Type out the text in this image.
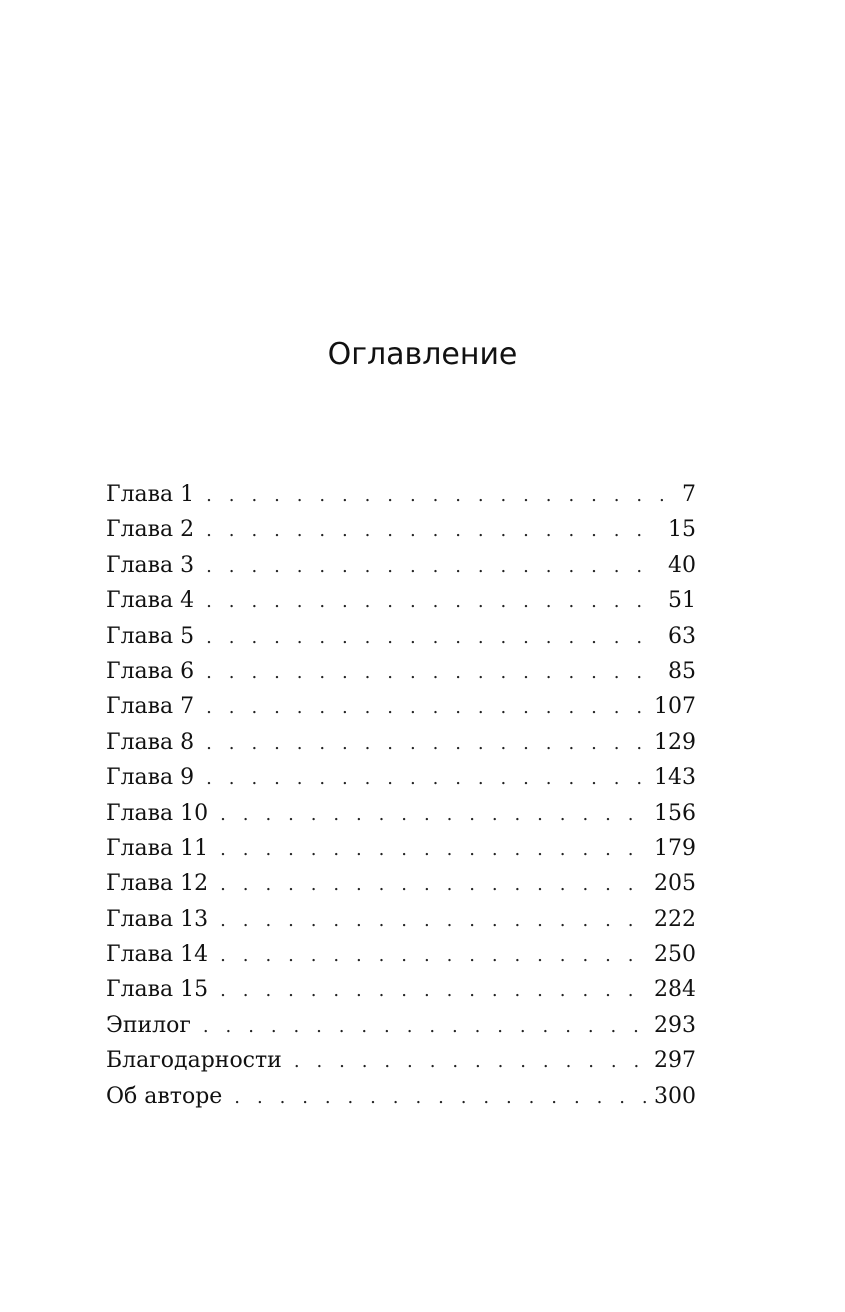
Оглавление
Глава 1 . . .	7
Глава 2 . . .	15
Глава 3 . . .	40
Глава 4 . . .	51
Глава 5 . . .	63
Глава 6 . . .	85
Глава 7 . . .	107
Глава 8 . . .	129
Глава 9 . . .	143
Глава 10 . . .	156
Глава 11 . . .	179
Глава 12 . . .	205
Глава 13 . . .	222
Глава 14 . . .	250
Глава 15 . . .	284
Эпилог . . .	293
Благодарности . . .	297
Об авторе . . .	300
